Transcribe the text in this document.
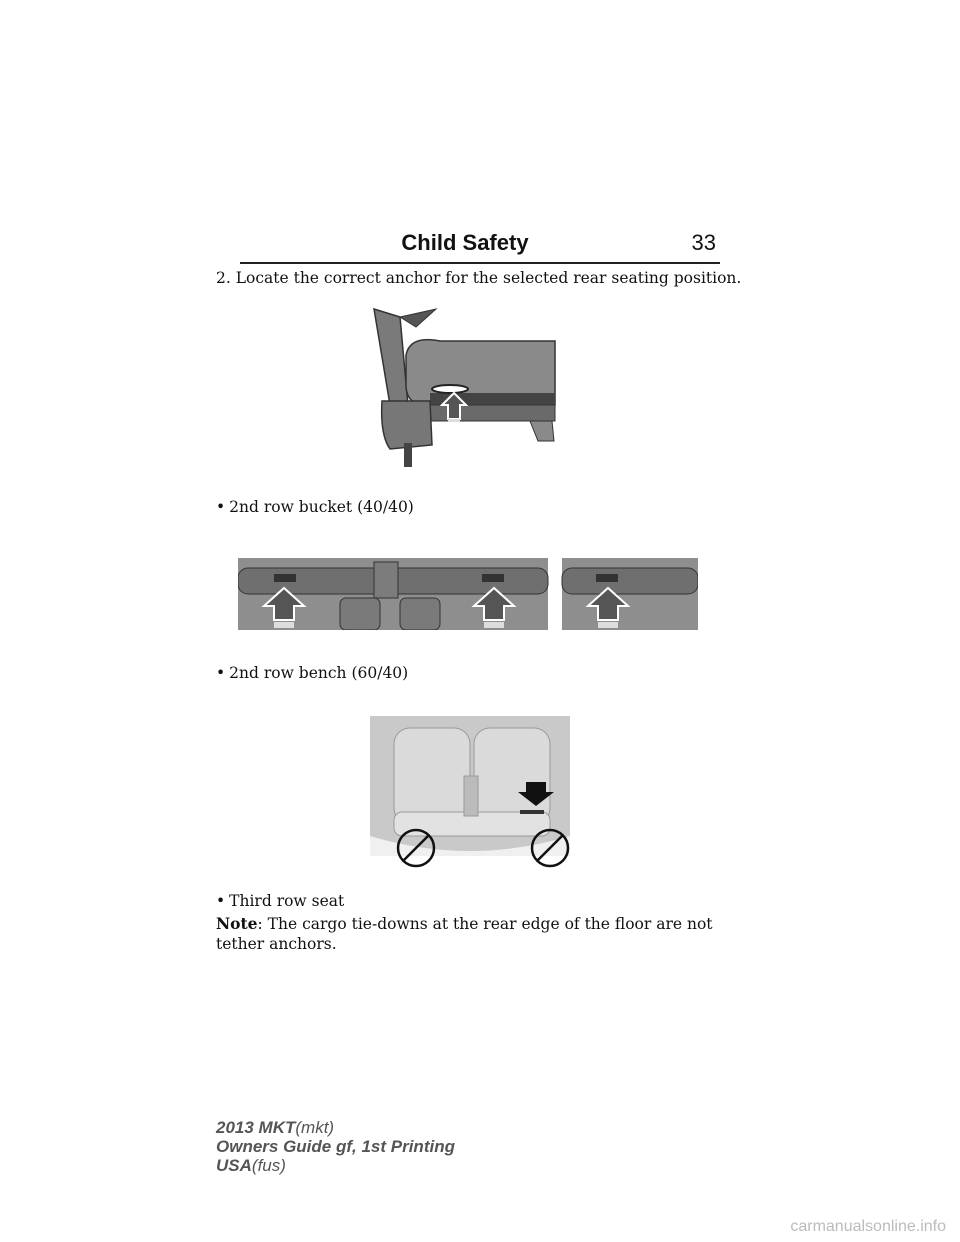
Child Safety	33
2. Locate the correct anchor for the selected rear seating position.
• 2nd row bucket (40/40)
• 2nd row bench (60/40)
• Third row seat
Note: The cargo tie-downs at the rear edge of the floor are not tether anchors.
2013 MKT(mkt)
Owners Guide gf, 1st Printing
USA(fus)
carmanualsonline.info
